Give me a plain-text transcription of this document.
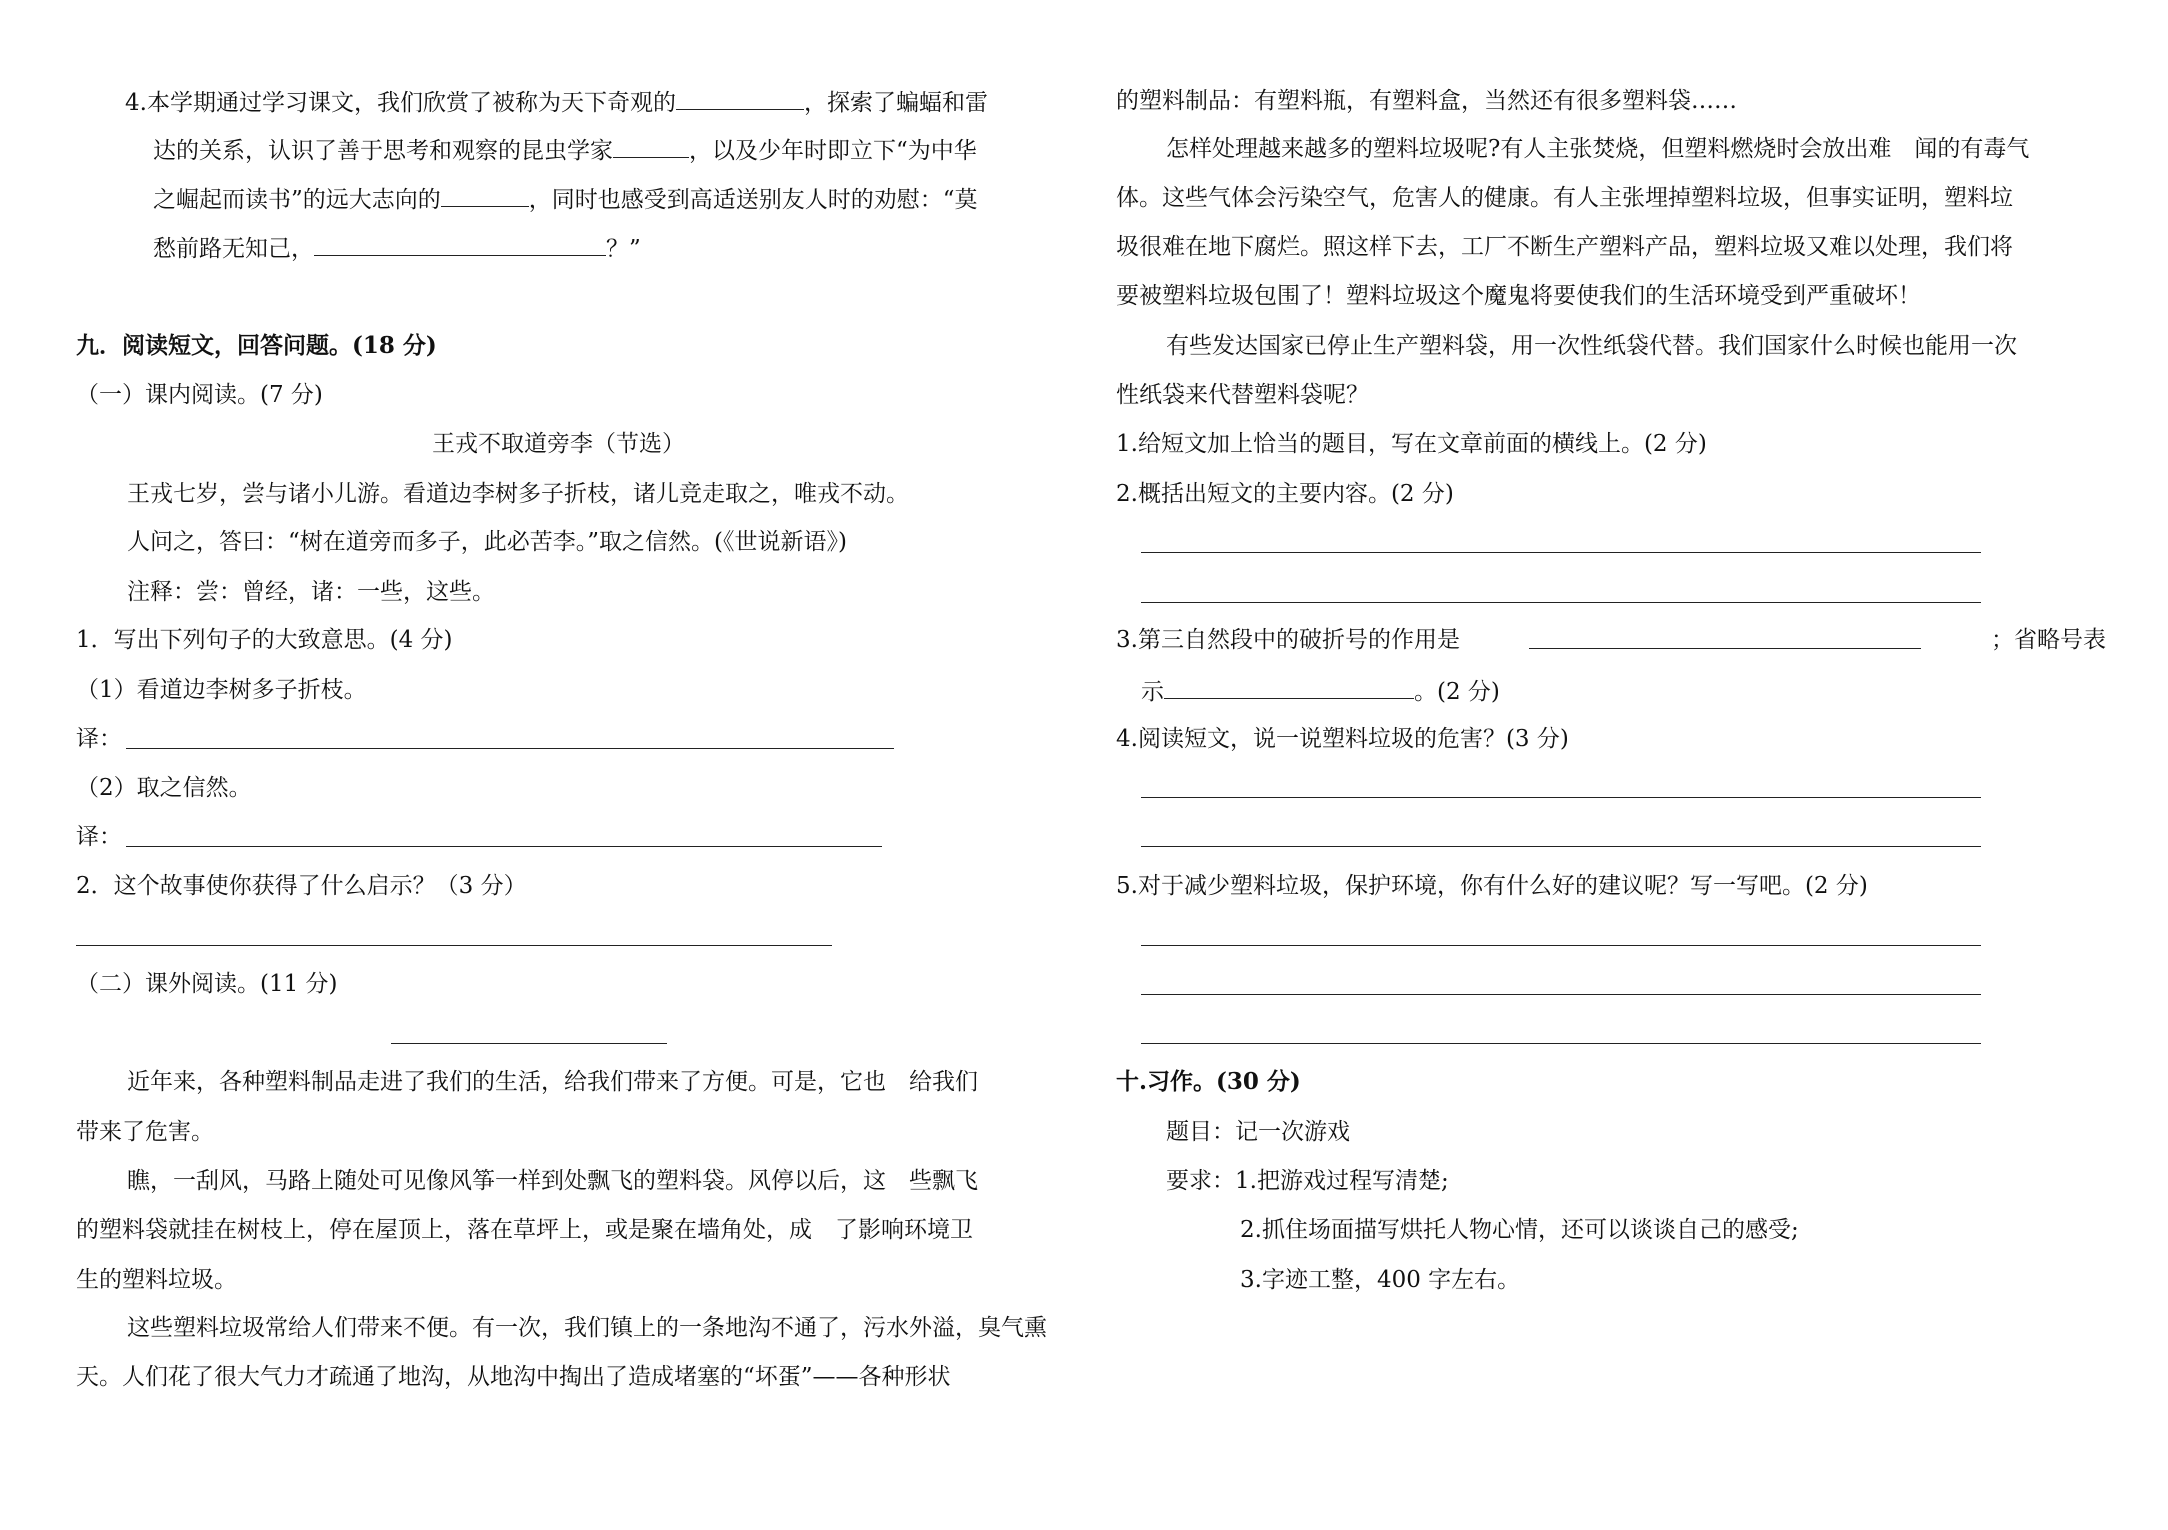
4.本学期通过学习课文，我们欣赏了被称为天下奇观的	，探索了蝙蝠和雷
达的关系，认识了善于思考和观察的昆虫学家	，以及少年时即立下“为中华
之崛起而读书”的远大志向的	，同时也感受到高适送别友人时的劝慰：“莫
愁前路无知己，	？”
九．阅读短文，回答问题。(18 分)
（一）课内阅读。(7 分)
王戎不取道旁李（节选）
王戎七岁，尝与诸小儿游。看道边李树多子折枝，诸儿竞走取之，唯戎不动。
人问之，答曰：“树在道旁而多子，此必苦李。”取之信然。(《世说新语》)
注释：尝：曾经，诸：一些，这些。
1．写出下列句子的大致意思。(4 分)
（1）看道边李树多子折枝。
译：
（2）取之信然。
译：
2．这个故事使你获得了什么启示？（3 分）
（二）课外阅读。(11 分)
近年来，各种塑料制品走进了我们的生活，给我们带来了方便。可是，它也　给我们
带来了危害。
瞧，一刮风，马路上随处可见像风筝一样到处飘飞的塑料袋。风停以后，这　些飘飞
的塑料袋就挂在树枝上，停在屋顶上，落在草坪上，或是聚在墙角处，成　了影响环境卫
生的塑料垃圾。
这些塑料垃圾常给人们带来不便。有一次，我们镇上的一条地沟不通了，污水外溢，臭气熏
天。人们花了很大气力才疏通了地沟，从地沟中掏出了造成堵塞的“坏蛋”——各种形状
的塑料制品：有塑料瓶，有塑料盒，当然还有很多塑料袋……
怎样处理越来越多的塑料垃圾呢?有人主张焚烧，但塑料燃烧时会放出难　闻的有毒气
体。这些气体会污染空气，危害人的健康。有人主张埋掉塑料垃圾，但事实证明，塑料垃
圾很难在地下腐烂。照这样下去，工厂不断生产塑料产品，塑料垃圾又难以处理，我们将
要被塑料垃圾包围了！塑料垃圾这个魔鬼将要使我们的生活环境受到严重破坏！
有些发达国家已停止生产塑料袋，用一次性纸袋代替。我们国家什么时候也能用一次
性纸袋来代替塑料袋呢？
1.给短文加上恰当的题目，写在文章前面的横线上。(2 分)
2.概括出短文的主要内容。(2 分)
3.第三自然段中的破折号的作用是	；省略号表
示	。(2 分)
4.阅读短文，说一说塑料垃圾的危害？(3 分)
5.对于减少塑料垃圾，保护环境，你有什么好的建议呢？写一写吧。(2 分)
十.习作。(30 分)
题目：记一次游戏
要求：1.把游戏过程写清楚;
2.抓住场面描写烘托人物心情，还可以谈谈自己的感受;
3.字迹工整，400 字左右。
